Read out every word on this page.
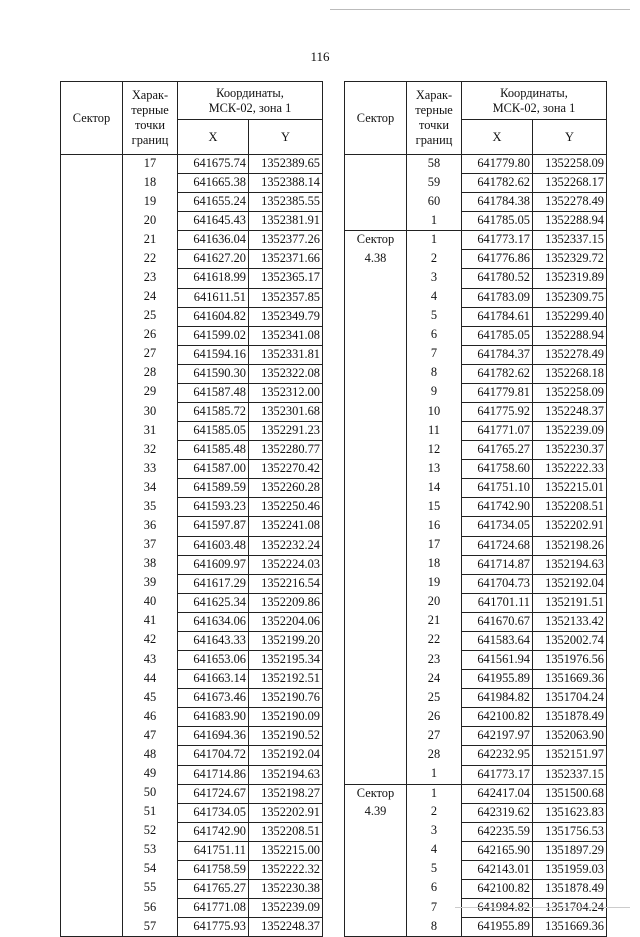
116
Сектор	Харак-
терные
точки
границ	Координаты,
МСК-02, зона 1	

		X	Y
	17	641675.74	1352389.65
	18	641665.38	1352388.14
	19	641655.24	1352385.55
	20	641645.43	1352381.91
	21	641636.04	1352377.26
	22	641627.20	1352371.66
	23	641618.99	1352365.17
	24	641611.51	1352357.85
	25	641604.82	1352349.79
	26	641599.02	1352341.08
	27	641594.16	1352331.81
	28	641590.30	1352322.08
	29	641587.48	1352312.00
	30	641585.72	1352301.68
	31	641585.05	1352291.23
	32	641585.48	1352280.77
	33	641587.00	1352270.42
	34	641589.59	1352260.28
	35	641593.23	1352250.46
	36	641597.87	1352241.08
	37	641603.48	1352232.24
	38	641609.97	1352224.03
	39	641617.29	1352216.54
	40	641625.34	1352209.86
	41	641634.06	1352204.06
	42	641643.33	1352199.20
	43	641653.06	1352195.34
	44	641663.14	1352192.51
	45	641673.46	1352190.76
	46	641683.90	1352190.09
	47	641694.36	1352190.52
	48	641704.72	1352192.04
	49	641714.86	1352194.63
	50	641724.67	1352198.27
	51	641734.05	1352202.91
	52	641742.90	1352208.51
	53	641751.11	1352215.00
	54	641758.59	1352222.32
	55	641765.27	1352230.38
	56	641771.08	1352239.09
	57	641775.93	1352248.37
Сектор	Харак-
терные
точки
границ	Координаты,
МСК-02, зона 1	

		X	Y
	58	641779.80	1352258.09
	59	641782.62	1352268.17
	60	641784.38	1352278.49
	1	641785.05	1352288.94
Сектор	1	641773.17	1352337.15
4.38	2	641776.86	1352329.72
	3	641780.52	1352319.89
	4	641783.09	1352309.75
	5	641784.61	1352299.40
	6	641785.05	1352288.94
	7	641784.37	1352278.49
	8	641782.62	1352268.18
	9	641779.81	1352258.09
	10	641775.92	1352248.37
	11	641771.07	1352239.09
	12	641765.27	1352230.37
	13	641758.60	1352222.33
	14	641751.10	1352215.01
	15	641742.90	1352208.51
	16	641734.05	1352202.91
	17	641724.68	1352198.26
	18	641714.87	1352194.63
	19	641704.73	1352192.04
	20	641701.11	1352191.51
	21	641670.67	1352133.42
	22	641583.64	1352002.74
	23	641561.94	1351976.56
	24	641955.89	1351669.36
	25	641984.82	1351704.24
	26	642100.82	1351878.49
	27	642197.97	1352063.90
	28	642232.95	1352151.97
	1	641773.17	1352337.15
Сектор	1	642417.04	1351500.68
4.39	2	642319.62	1351623.83
	3	642235.59	1351756.53
	4	642165.90	1351897.29
	5	642143.01	1351959.03
	6	642100.82	1351878.49
	7	641984.82	1351704.24
	8	641955.89	1351669.36
